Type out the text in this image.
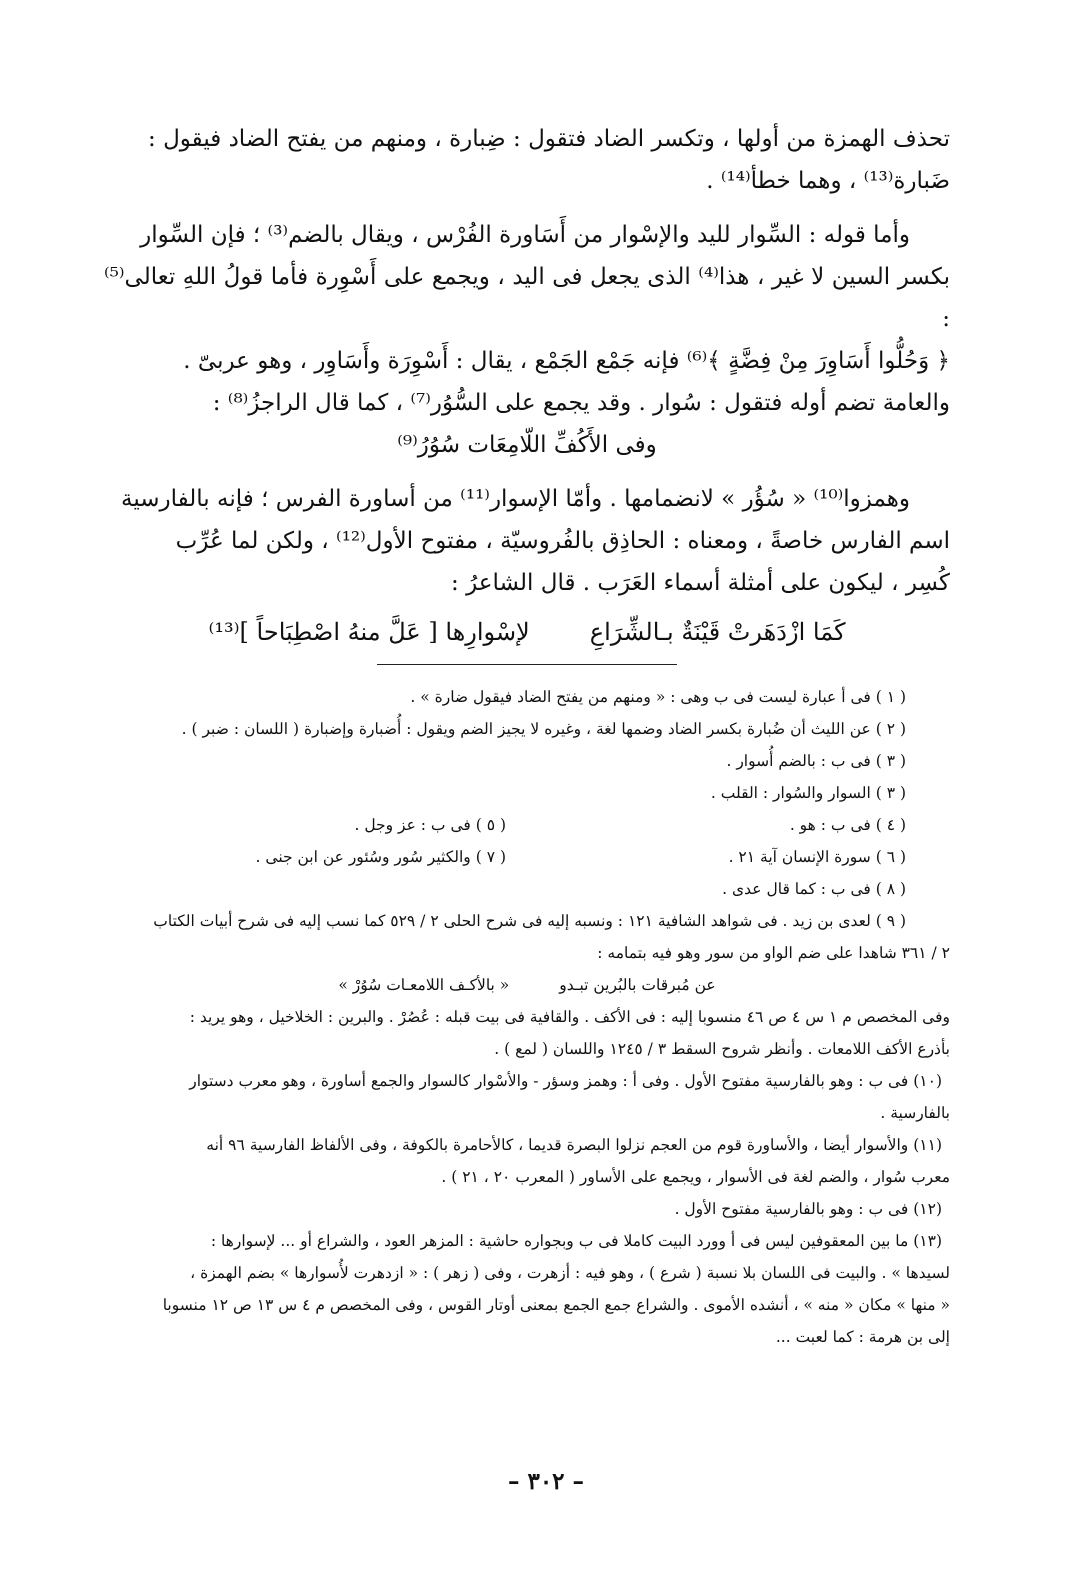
تحذف الهمزة من أولها ، وتكسر الضاد فتقول : ضِبارة ، ومنهم من يفتح الضاد فيقول :

ضَبارة⁽¹³⁾ ، وهما خطأ⁽¹⁴⁾ .

وأما قوله : السِّوار لليد والإسْوار من أَسَاورة الفُرْس ، ويقال بالضم⁽³⁾ ؛ فإن السِّوار

بكسر السين لا غير ، هذا⁽⁴⁾ الذى يجعل فى اليد ، ويجمع على أَسْوِرة فأما قولُ اللهِ تعالى⁽⁵⁾ :

﴿ وَحُلُّوا أَسَاوِرَ مِنْ فِضَّةٍ ﴾⁽⁶⁾ فإنه جَمْع الجَمْع ، يقال : أَسْوِرَة وأَسَاوِر ، وهو عربىّ .

والعامة تضم أوله فتقول : سُوار . وقد يجمع على السُّوُر⁽⁷⁾ ، كما قال الراجزُ⁽⁸⁾ :

وفى الأَكُفِّ اللّامِعَات سُوُرُ⁽⁹⁾

وهمزوا⁽¹⁰⁾ « سُؤُر » لانضمامها . وأمّا الإسوار⁽¹¹⁾ من أساورة الفرس ؛ فإنه بالفارسية

اسم الفارس خاصةً ، ومعناه : الحاذِق بالفُروسيّة ، مفتوح الأول⁽¹²⁾ ، ولكن لما عُرِّب

كُسِر ، ليكون على أمثلة أسماء العَرَب . قال الشاعرُ :

كَمَا ازْدَهَرتْ قَيْنَةٌ بـالشِّرَاعِ
لإسْوارِها [ عَلَّ منهُ اصْطِبَاحاً ]⁽¹³⁾

( ١ ) فى أ عبارة ليست فى ب وهى : « ومنهم من يفتح الضاد فيقول ضارة » .

( ٢ ) عن الليث أن ضُبارة بكسر الضاد وضمها لغة ، وغيره لا يجيز الضم ويقول : أُضبارة وإضبارة ( اللسان : ضبر ) .

( ٣ ) فى ب : بالضم أُسوار .

( ٣ ) السوار والسُوار : القلب .

( ٤ ) فى ب : هو .
( ٥ ) فى ب : عز وجل .
( ٦ ) سورة الإنسان آية ٢١ .
( ٧ ) والكثير سُور وسُئور عن ابن جنى .

( ٨ ) فى ب : كما قال عدى .

( ٩ ) لعدى بن زيد . فى شواهد الشافية ١٢١ : ونسبه إليه فى شرح الحلى ٢ / ٥٢٩ كما نسب إليه فى شرح أبيات الكتاب

٢ / ٣٦١ شاهدا على ضم الواو من سور وهو فيه بتمامه :

عن مُبرقات بالبُرين تبـدو
« بالأكـف اللامعـات سُوُرْ »

وفى المخصص م ١ س ٤ ص ٤٦ منسوبا إليه : فى الأكف . والقافية فى بيت قبله : عُصُرْ . والبرين : الخلاخيل ، وهو يريد :

بأذرع الأكف اللامعات . وأنظر شروح السقط ٣ / ١٢٤٥ واللسان ( لمع ) .

(١٠) فى ب : وهو بالفارسية مفتوح الأول . وفى أ : وهمز وسؤر - والأسْوار كالسوار والجمع أساورة ، وهو معرب دستوار

بالفارسية .

(١١) والأسوار أيضا ، والأساورة قوم من العجم نزلوا البصرة قديما ، كالأحامرة بالكوفة ، وفى الألفاظ الفارسية ٩٦ أنه

معرب سُوار ، والضم لغة فى الأسوار ، ويجمع على الأساور ( المعرب ٢٠ ، ٢١ ) .

(١٢) فى ب : وهو بالفارسية مفتوح الأول .

(١٣) ما بين المعقوفين ليس فى أ وورد البيت كاملا فى ب وبجواره حاشية : المزهر العود ، والشراع أو ... لإسوارها :

لسيدها » . والبيت فى اللسان بلا نسبة ( شرع ) ، وهو فيه : أزهرت ، وفى ( زهر ) : « ازدهرت لأُسوارها » بضم الهمزة ،

« منها » مكان « منه » ، أنشده الأموى . والشراع جمع الجمع بمعنى أوتار القوس ، وفى المخصص م ٤ س ١٣ ص ١٢ منسوبا

إلى بن هرمة : كما لعبت ...

– ٣٠٢ –
